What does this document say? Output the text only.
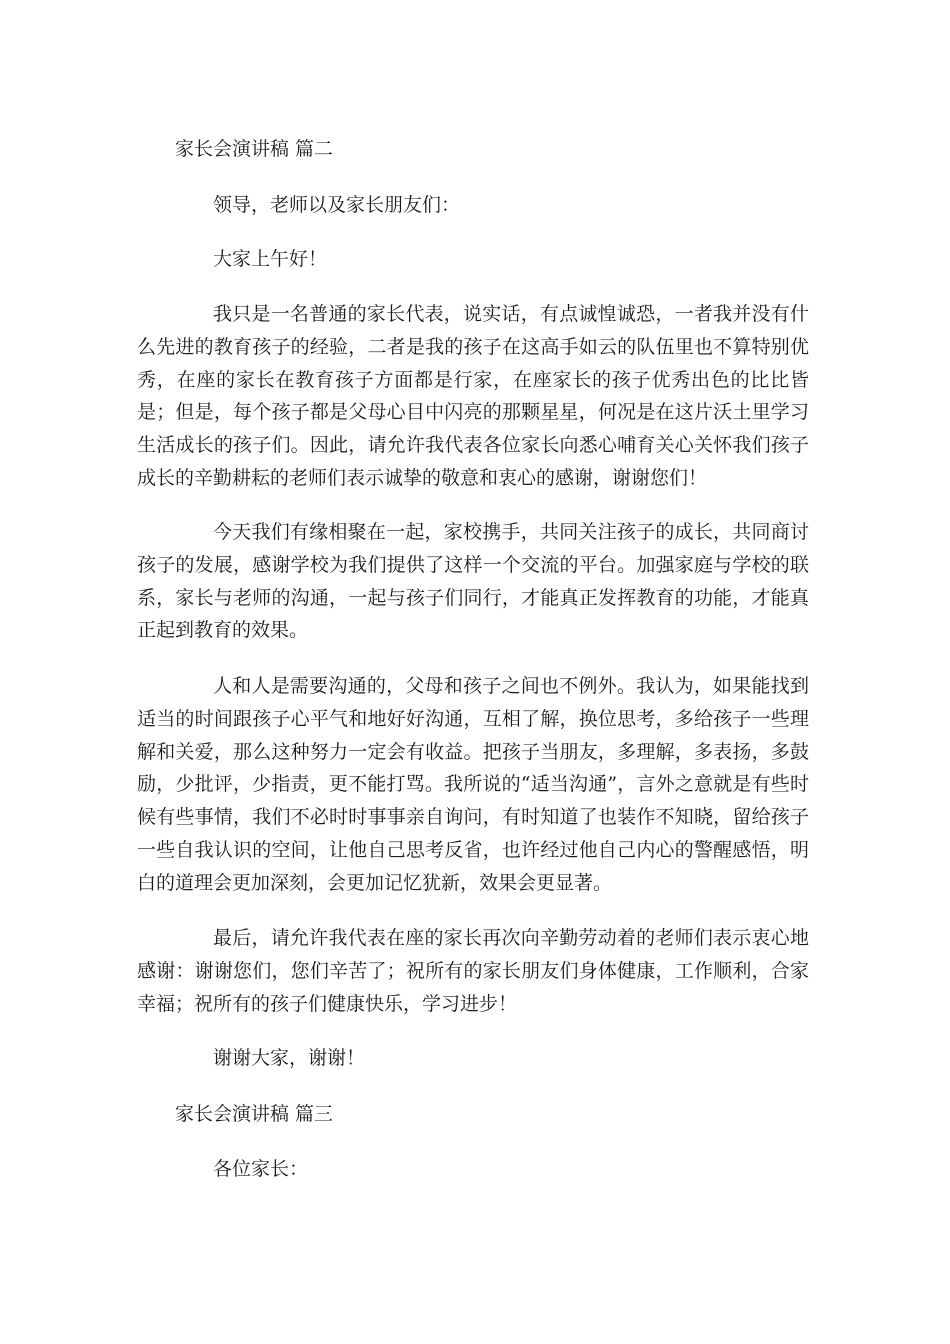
家长会演讲稿 篇二
领导，老师以及家长朋友们：
大家上午好！

我只是一名普通的家长代表，说实话，有点诚惶诚恐，一者我并没有什么先进的教育孩子的经验，二者是我的孩子在这高手如云的队伍里也不算特别优秀，在座的家长在教育孩子方面都是行家，在座家长的孩子优秀出色的比比皆是；但是，每个孩子都是父母心目中闪亮的那颗星星，何况是在这片沃土里学习生活成长的孩子们。因此，请允许我代表各位家长向悉心哺育关心关怀我们孩子成长的辛勤耕耘的老师们表示诚挚的敬意和衷心的感谢，谢谢您们！

今天我们有缘相聚在一起，家校携手，共同关注孩子的成长，共同商讨孩子的发展，感谢学校为我们提供了这样一个交流的平台。加强家庭与学校的联系，家长与老师的沟通，一起与孩子们同行，才能真正发挥教育的功能，才能真正起到教育的效果。

人和人是需要沟通的，父母和孩子之间也不例外。我认为，如果能找到适当的时间跟孩子心平气和地好好沟通，互相了解，换位思考，多给孩子一些理解和关爱，那么这种努力一定会有收益。把孩子当朋友，多理解，多表扬，多鼓励，少批评，少指责，更不能打骂。我所说的“适当沟通”，言外之意就是有些时候有些事情，我们不必时时事事亲自询问，有时知道了也装作不知晓，留给孩子一些自我认识的空间，让他自己思考反省，也许经过他自己内心的警醒感悟，明白的道理会更加深刻，会更加记忆犹新，效果会更显著。

最后，请允许我代表在座的家长再次向辛勤劳动着的老师们表示衷心地感谢：谢谢您们，您们辛苦了；祝所有的家长朋友们身体健康，工作顺利，合家幸福；祝所有的孩子们健康快乐，学习进步！

谢谢大家，谢谢！
家长会演讲稿 篇三
各位家长：
